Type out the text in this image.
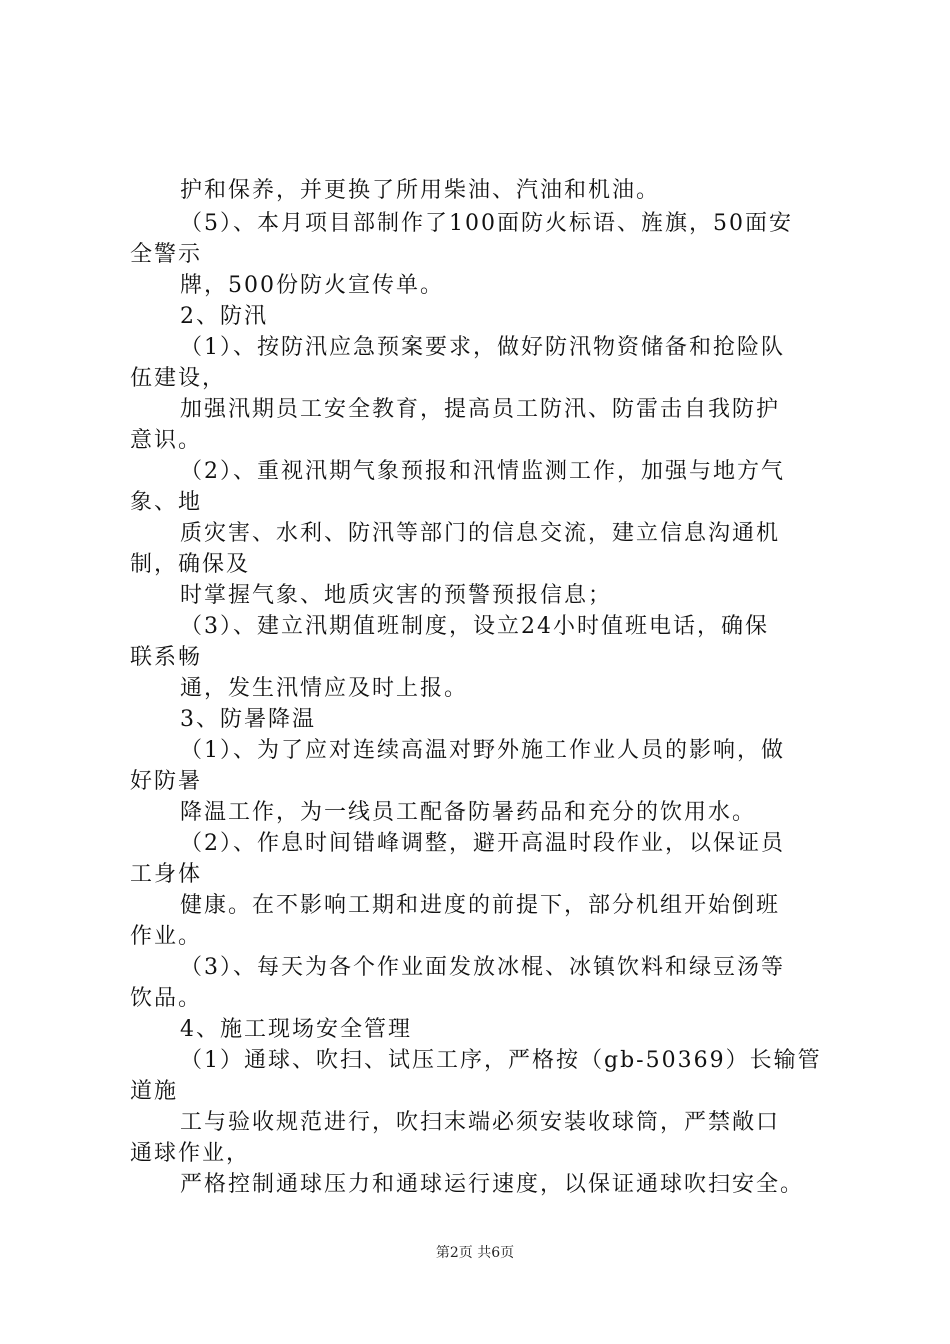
护和保养，并更换了所用柴油、汽油和机油。
（5）、本月项目部制作了100面防火标语、旌旗，50面安
全警示
牌，500份防火宣传单。
2、防汛
（1）、按防汛应急预案要求，做好防汛物资储备和抢险队
伍建设，
加强汛期员工安全教育，提高员工防汛、防雷击自我防护
意识。
（2）、重视汛期气象预报和汛情监测工作，加强与地方气
象、地
质灾害、水利、防汛等部门的信息交流，建立信息沟通机
制，确保及
时掌握气象、地质灾害的预警预报信息；
（3）、建立汛期值班制度，设立24小时值班电话，确保
联系畅
通，发生汛情应及时上报。
3、防暑降温
（1）、为了应对连续高温对野外施工作业人员的影响，做
好防暑
降温工作，为一线员工配备防暑药品和充分的饮用水。
（2）、作息时间错峰调整，避开高温时段作业，以保证员
工身体
健康。在不影响工期和进度的前提下，部分机组开始倒班
作业。
（3）、每天为各个作业面发放冰棍、冰镇饮料和绿豆汤等
饮品。
4、施工现场安全管理
（1）通球、吹扫、试压工序，严格按（gb-50369）长输管
道施
工与验收规范进行，吹扫末端必须安装收球筒，严禁敞口
通球作业，
严格控制通球压力和通球运行速度，以保证通球吹扫安全。
第2页 共6页
